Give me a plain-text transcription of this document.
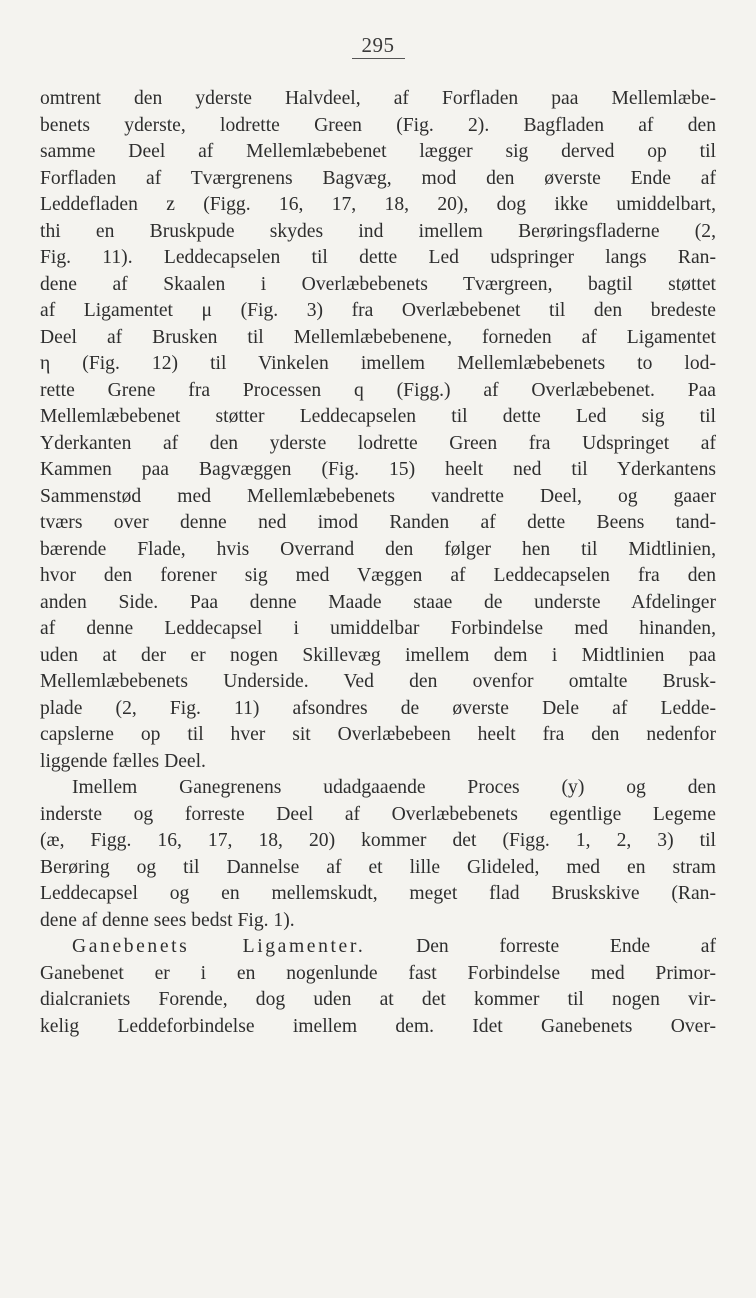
295
omtrent den yderste Halvdeel, af Forfladen paa Mellemlæbe-
benets yderste, lodrette Green (Fig. 2). Bagfladen af den
samme Deel af Mellemlæbebenet lægger sig derved op til
Forfladen af Tværgrenens Bagvæg, mod den øverste Ende af
Leddefladen z (Figg. 16, 17, 18, 20), dog ikke umiddelbart,
thi en Bruskpude skydes ind imellem Berøringsfladerne (2,
Fig. 11). Leddecapselen til dette Led udspringer langs Ran-
dene af Skaalen i Overlæbebenets Tværgreen, bagtil støttet
af Ligamentet μ (Fig. 3) fra Overlæbebenet til den bredeste
Deel af Brusken til Mellemlæbebenene, forneden af Ligamentet
η (Fig. 12) til Vinkelen imellem Mellemlæbebenets to lod-
rette Grene fra Processen q (Figg.) af Overlæbebenet. Paa
Mellemlæbebenet støtter Leddecapselen til dette Led sig til
Yderkanten af den yderste lodrette Green fra Udspringet af
Kammen paa Bagvæggen (Fig. 15) heelt ned til Yderkantens
Sammenstød med Mellemlæbebenets vandrette Deel, og gaaer
tværs over denne ned imod Randen af dette Beens tand-
bærende Flade, hvis Overrand den følger hen til Midtlinien,
hvor den forener sig med Væggen af Leddecapselen fra den
anden Side. Paa denne Maade staae de underste Afdelinger
af denne Leddecapsel i umiddelbar Forbindelse med hinanden,
uden at der er nogen Skillevæg imellem dem i Midtlinien paa
Mellemlæbebenets Underside. Ved den ovenfor omtalte Brusk-
plade (2, Fig. 11) afsondres de øverste Dele af Ledde-
capslerne op til hver sit Overlæbebeen heelt fra den nedenfor
liggende fælles Deel.
Imellem Ganegrenens udadgaaende Proces (y) og den
inderste og forreste Deel af Overlæbebenets egentlige Legeme
(æ, Figg. 16, 17, 18, 20) kommer det (Figg. 1, 2, 3) til
Berøring og til Dannelse af et lille Glideled, med en stram
Leddecapsel og en mellemskudt, meget flad Bruskskive (Ran-
dene af denne sees bedst Fig. 1).
Ganebenets Ligamenter.	Den forreste Ende af
Ganebenet er i en nogenlunde fast Forbindelse med Primor-
dialcraniets Forende, dog uden at det kommer til nogen vir-
kelig Leddeforbindelse imellem dem. Idet Ganebenets Over-
